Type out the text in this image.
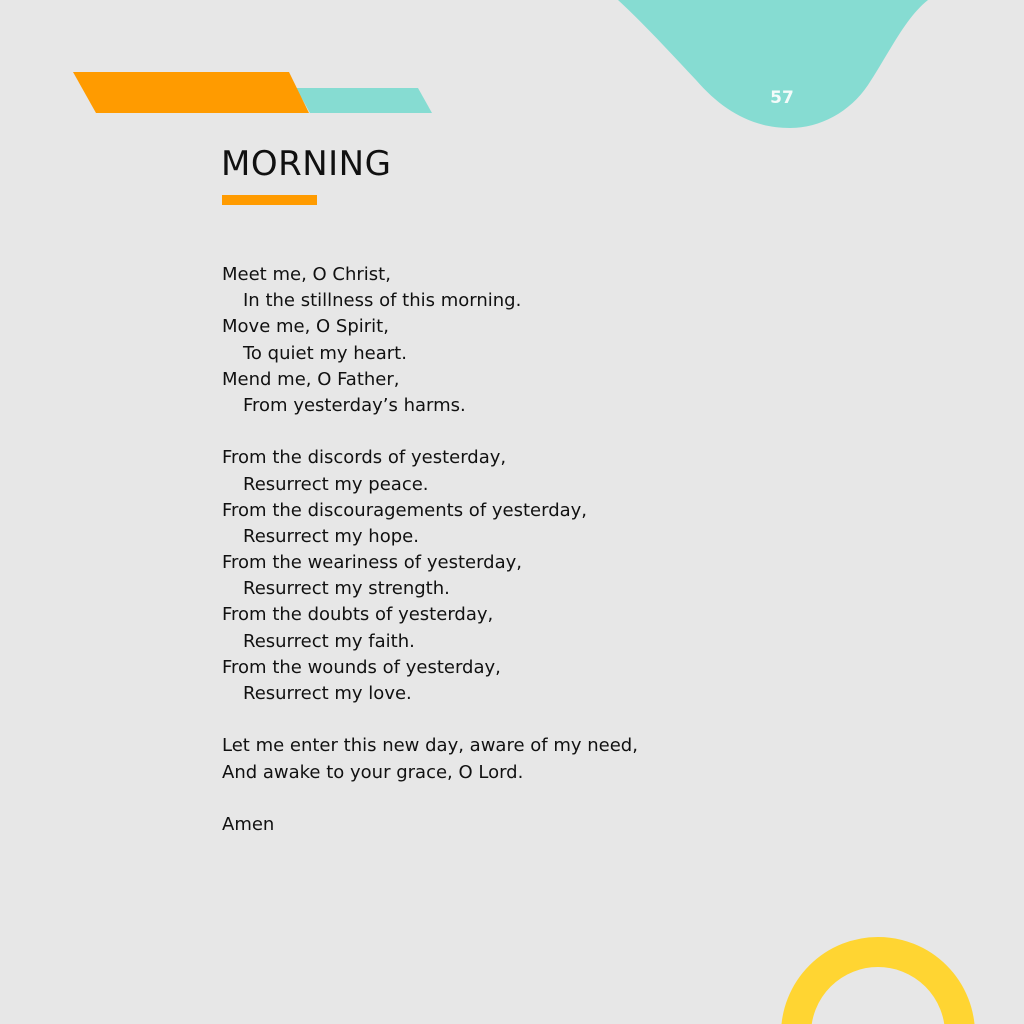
57
MORNING
Meet me, O Christ,
In the stillness of this morning.
Move me, O Spirit,
To quiet my heart.
Mend me, O Father,
From yesterday’s harms.
From the discords of yesterday,
Resurrect my peace.
From the discouragements of yesterday,
Resurrect my hope.
From the weariness of yesterday,
Resurrect my strength.
From the doubts of yesterday,
Resurrect my faith.
From the wounds of yesterday,
Resurrect my love.
Let me enter this new day, aware of my need,
And awake to your grace, O Lord.
Amen
